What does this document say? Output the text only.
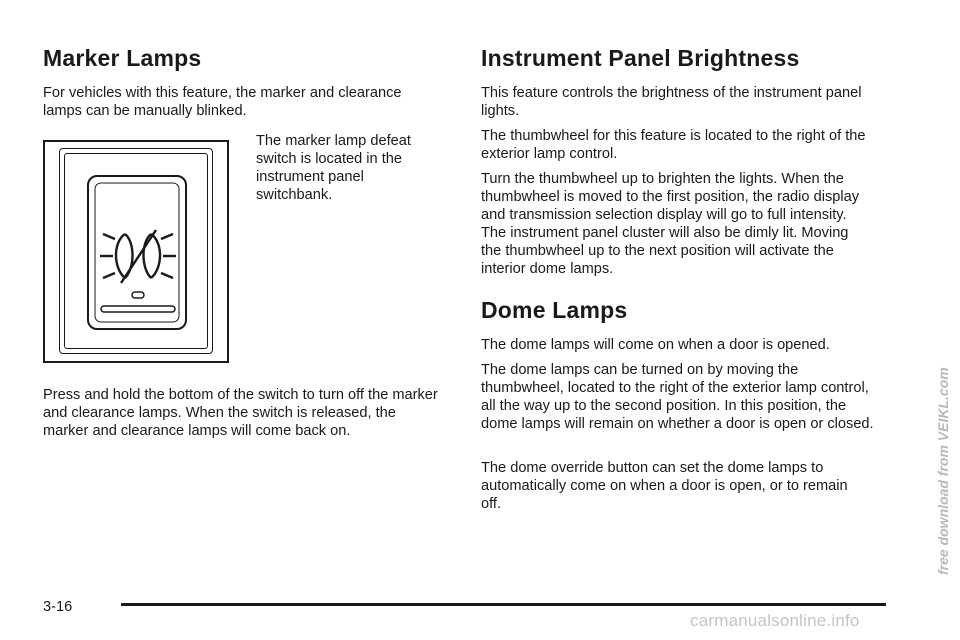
Marker Lamps

For vehicles with this feature, the marker and clearance lamps can be manually blinked.

The marker lamp defeat

switch is located in the

instrument panel

switchbank.

Press and hold the bottom of the switch to turn off the marker and clearance lamps. When the switch is released, the marker and clearance lamps will come back on.

Instrument Panel Brightness

This feature controls the brightness of the instrument panel lights.

The thumbwheel for this feature is located to the right of the exterior lamp control.

Turn the thumbwheel up to brighten the lights. When the thumbwheel is moved to the first position, the radio display and transmission selection display will go to full intensity. The instrument panel cluster will also be dimly lit. Moving the thumbwheel up to the next position will activate the interior dome lamps.

Dome Lamps

The dome lamps will come on when a door is opened.

The dome lamps can be turned on by moving the thumbwheel, located to the right of the exterior lamp control, all the way up to the second position. In this position, the dome lamps will remain on whether a door is open or closed.

The dome override button can set the dome lamps to automatically come on when a door is open, or to remain off.

3-16
free download from VEIKL.com
carmanualsonline.info
